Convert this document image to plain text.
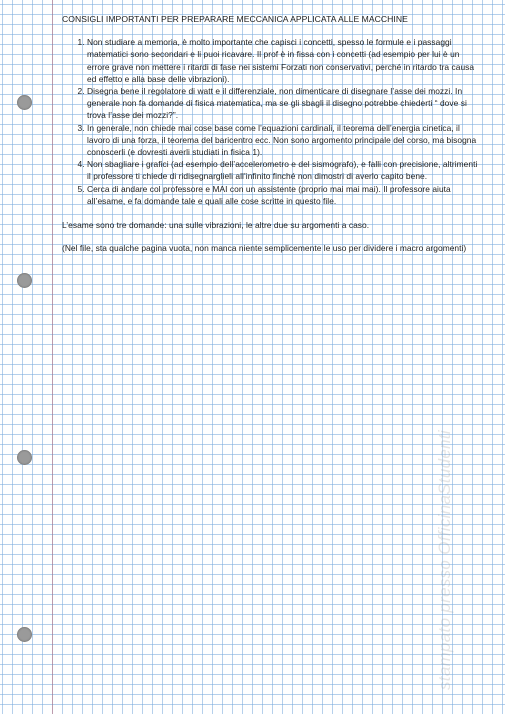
CONSIGLI IMPORTANTI PER PREPARARE MECCANICA APPLICATA ALLE MACCHINE
1. Non studiare a memoria, è molto importante che capisci i concetti, spesso le formule e i passaggi matematici sono secondari e li puoi ricavare. Il prof è in fissa con i concetti (ad esempio per lui è un errore grave non mettere i ritardi di fase nei sistemi Forzati non conservativi, perché in ritardo tra causa ed effetto e alla base delle vibrazioni).
2. Disegna bene il regolatore di watt e il differenziale, non dimenticare di disegnare l’asse dei mozzi. In generale non fa domande di fisica matematica, ma se gli sbagli il disegno potrebbe chiederti “ dove si trova l’asse dei mozzi?”.
3. In generale, non chiede mai cose base come l’equazioni cardinali, il teorema dell’energia cinetica, il lavoro di una forza, il teorema del baricentro ecc. Non sono argomento principale del corso, ma bisogna conoscerli (e dovresti averli studiati in fisica 1).
4. Non sbagliare i grafici (ad esempio dell’accelerometro e del sismografo), e falli con precisione, altrimenti il professore ti chiede di ridisegnarglieli all’infinito finché non dimostri di averlo capito bene.
5. Cerca di andare col professore e MAI con un assistente (proprio mai mai mai). Il professore aiuta all’esame, e fa domande tale e quali alle cose scritte in questo file.

L’esame sono tre domande: una sulle vibrazioni, le altre due su argomenti a caso.

(Nel file, sta qualche pagina vuota, non manca niente semplicemente le uso per dividere i macro argomenti)

stampato presso OfficinaStudenti
